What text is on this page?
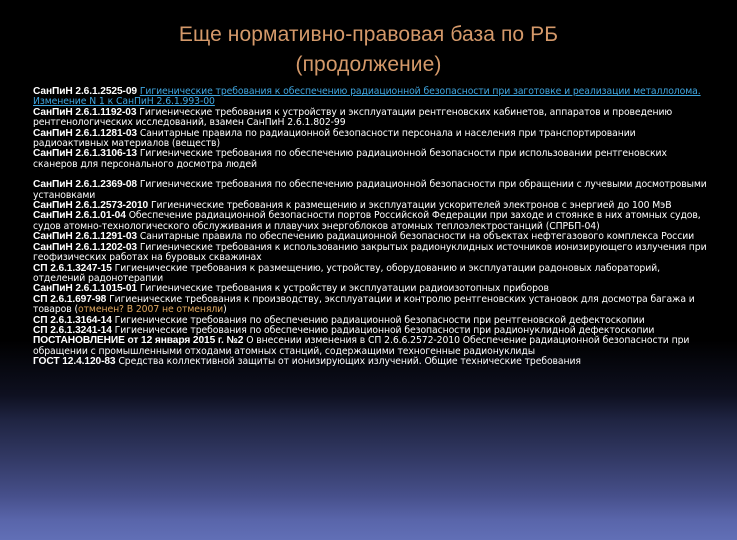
Еще нормативно-правовая база по РБ
(продолжение)
СанПиН 2.6.1.2525-09 Гигиенические требования к обеспечению радиационной безопасности при заготовке и реализации металлолома. Изменение N 1 к СанПиН 2.6.1.993-00
СанПиН 2.6.1.1192-03 Гигиенические требования к устройству и эксплуатации рентгеновских кабинетов, аппаратов и проведению рентгенологических исследований, взамен СанПиН 2.6.1.802-99
СанПиН 2.6.1.1281-03 Санитарные правила по радиационной безопасности персонала и населения при транспортировании радиоактивных материалов (веществ)
СанПиН 2.6.1.3106-13 Гигиенические требования по обеспечению радиационной безопасности при использовании рентгеновских сканеров для персонального досмотра людей
СанПиН 2.6.1.2369-08 Гигиенические требования по обеспечению радиационной безопасности при обращении с лучевыми досмотровыми установками
СанПиН 2.6.1.2573-2010 Гигиенические требования к размещению и эксплуатации ускорителей электронов с энергией до 100 МэВ
СанПиН 2.6.1.01-04 Обеспечение радиационной безопасности портов Российской Федерации при заходе и стоянке в них атомных судов, судов атомно-технологического обслуживания и плавучих энергоблоков атомных теплоэлектростанций (СПРБП-04)
СанПиН 2.6.1.1291-03 Санитарные правила по обеспечению радиационной безопасности на объектах нефтегазового комплекса России
СанПиН 2.6.1.1202-03 Гигиенические требования к использованию закрытых радионуклидных источников ионизирующего излучения при геофизических работах на буровых скважинах
СП 2.6.1.3247-15 Гигиенические требования к размещению, устройству, оборудованию и эксплуатации радоновых лабораторий, отделений радонотерапии
СанПиН 2.6.1.1015-01 Гигиенические требования к устройству и эксплуатации радиоизотопных приборов
СП 2.6.1.697-98 Гигиенические требования к производству, эксплуатации и контролю рентгеновских установок для досмотра багажа и товаров (отменен? В 2007 не отменяли)
СП 2.6.1.3164-14 Гигиенические требования по обеспечению радиационной безопасности при рентгеновской дефектоскопии
СП 2.6.1.3241-14 Гигиенические требования по обеспечению радиационной безопасности при радионуклидной дефектоскопии
ПОСТАНОВЛЕНИЕ от 12 января 2015 г. №2 О внесении изменения в СП 2.6.6.2572-2010 Обеспечение радиационной безопасности при обращении с промышленными отходами атомных станций, содержащими техногенные радионуклиды
ГОСТ 12.4.120-83 Средства коллективной защиты от ионизирующих излучений. Общие технические требования
